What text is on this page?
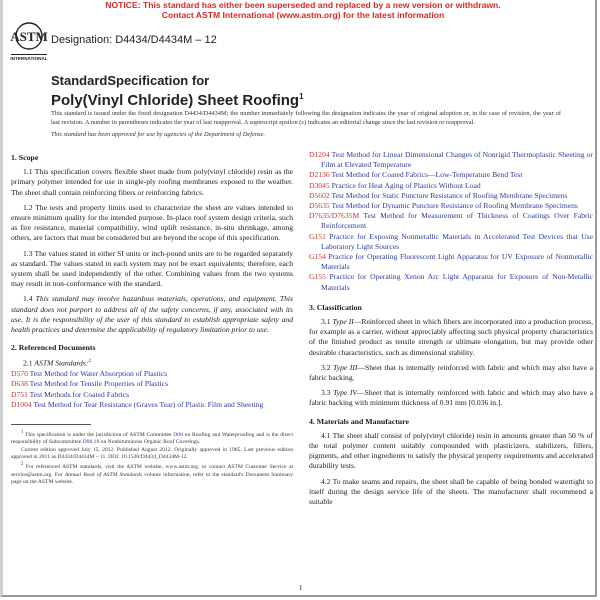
NOTICE: This standard has either been superseded and replaced by a new version or withdrawn.
Contact ASTM International (www.astm.org) for the latest information
ASTM
INTERNATIONAL
Designation: D4434/D4434M – 12
StandardSpecification for
Poly(Vinyl Chloride) Sheet Roofing$^1$
This standard is issued under the fixed designation D4434/D4434M; the number immediately following the designation indicates the year of original adoption or, in the case of revision, the year of last revision. A number in parentheses indicates the year of last reapproval. A superscript epsilon (ε) indicates an editorial change since the last revision or reapproval.
This standard has been approved for use by agencies of the Department of Defense.
1. Scope
1.1 This specification covers flexible sheet made from poly(vinyl chloride) resin as the primary polymer intended for use in single-ply roofing membranes exposed to the weather. The sheet shall contain reinforcing fibers or reinforcing fabrics.
1.2 The tests and property limits used to characterize the sheet are values intended to ensure minimum quality for the intended purpose. In-place roof system design criteria, such as fire resistance, material compatibility, wind uplift resistance, in-situ shrinkage, among others, are factors that must be considered but are beyond the scope of this specification.
1.3 The values stated in either SI units or inch-pound units are to be regarded separately as standard. The values stated in each system may not be exact equivalents; therefore, each system shall be used independently of the other. Combining values from the two systems may result in non-conformance with the standard.
1.4 This standard may involve hazardous materials, operations, and equipment. This standard does not purport to address all of the safety concerns, if any, associated with its use. It is the responsibility of the user of this standard to establish appropriate safety and health practices and determine the applicability of regulatory limitation prior to use.
2. Referenced Documents
2.1 ASTM Standards:$^2$
D570 Test Method for Water Absorption of Plastics
D638 Test Method for Tensile Properties of Plastics
D751 Test Methods for Coated Fabrics
D1004 Test Method for Tear Resistance (Graves Tear) of Plastic Film and Sheeting

$^1$ This specification is under the jurisdiction of ASTM Committee D08 on Roofing and Waterproofing and is the direct responsibility of Subcommittee D08.18 on Nonbituminous Organic Roof Coverings.

Current edition approved July 15, 2012. Published August 2012. Originally approved in 1985. Last previous edition approved in 2011 as D4434/D4434M – 11. DOI: 10.1520/D4434_D4434M-12.

$^2$ For referenced ASTM standards, visit the ASTM website, www.astm.org, or contact ASTM Customer Service at service@astm.org. For Annual Book of ASTM Standards volume information, refer to the standard's Document Summary page on the ASTM website.

D1204 Test Method for Linear Dimensional Changes of Nonrigid Thermoplastic Sheeting or Film at Elevated Temperature
D2136 Test Method for Coated Fabrics—Low-Temperature Bend Test
D3045 Practice for Heat Aging of Plastics Without Load
D5602 Test Method for Static Puncture Resistance of Roofing Membrane Specimens
D5635 Test Method for Dynamic Puncture Resistance of Roofing Membrane Specimens
D7635/D7635M Test Method for Measurement of Thickness of Coatings Over Fabric Reinforcement
G151 Practice for Exposing Nonmetallic Materials in Accelerated Test Devices that Use Laboratory Light Sources
G154 Practice for Operating Fluorescent Light Apparatus for UV Exposure of Nonmetallic Materials
G155 Practice for Operating Xenon Arc Light Apparatus for Exposure of Non-Metallic Materials
3. Classification
3.1 Type II—Reinforced sheet in which fibers are incorporated into a production process, for example as a carrier, without appreciably affecting such physical property characteristics of the finished product as tensile strength or ultimate elongation, but may provide other desirable characteristics, such as dimensional stability.
3.2 Type III—Sheet that is internally reinforced with fabric and which may also have a fabric backing.
3.3 Type IV—Sheet that is internally reinforced with fabric and which may also have a fabric backing with minimum thickness of 0.91 mm [0.036 in.].
4. Materials and Manufacture
4.1 The sheet shall consist of poly(vinyl chloride) resin in amounts greater than 50 % of the total polymer content suitably compounded with plasticizers, stabilizers, fillers, pigments, and other ingredients to satisfy the physical property requirements and accelerated durability tests.
4.2 To make seams and repairs, the sheet shall be capable of being bonded watertight to itself during the design service life of the sheets. The manufacturer shall recommend a suitable
1
